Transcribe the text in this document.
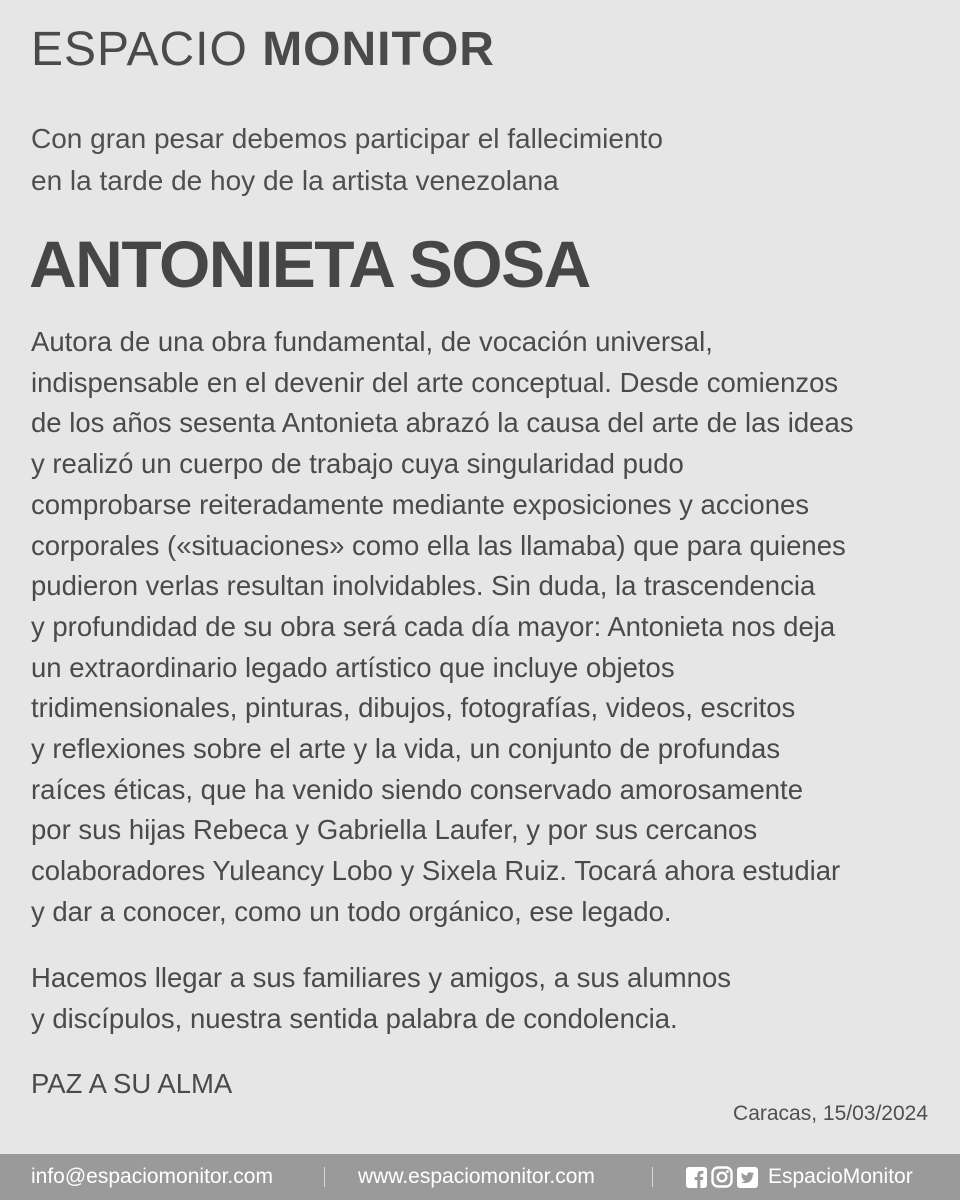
ESPACIO MONITOR
Con gran pesar debemos participar el fallecimiento
en la tarde de hoy de la artista venezolana
ANTONIETA SOSA
Autora de una obra fundamental, de vocación universal,
indispensable en el devenir del arte conceptual. Desde comienzos
de los años sesenta Antonieta abrazó la causa del arte de las ideas
y realizó un cuerpo de trabajo cuya singularidad pudo
comprobarse reiteradamente mediante exposiciones y acciones
corporales («situaciones» como ella las llamaba) que para quienes
pudieron verlas resultan inolvidables. Sin duda, la trascendencia
y profundidad de su obra será cada día mayor: Antonieta nos deja
un extraordinario legado artístico que incluye objetos
tridimensionales, pinturas, dibujos, fotografías, videos, escritos
y reflexiones sobre el arte y la vida, un conjunto de profundas
raíces éticas, que ha venido siendo conservado amorosamente
por sus hijas Rebeca y Gabriella Laufer, y por sus cercanos
colaboradores Yuleancy Lobo y Sixela Ruiz. Tocará ahora estudiar
y dar a conocer, como un todo orgánico, ese legado.
Hacemos llegar a sus familiares y amigos, a sus alumnos
y discípulos, nuestra sentida palabra de condolencia.
PAZ A SU ALMA
Caracas, 15/03/2024
info@espaciomonitor.com	www.espaciomonitor.com	EspacioMonitor
